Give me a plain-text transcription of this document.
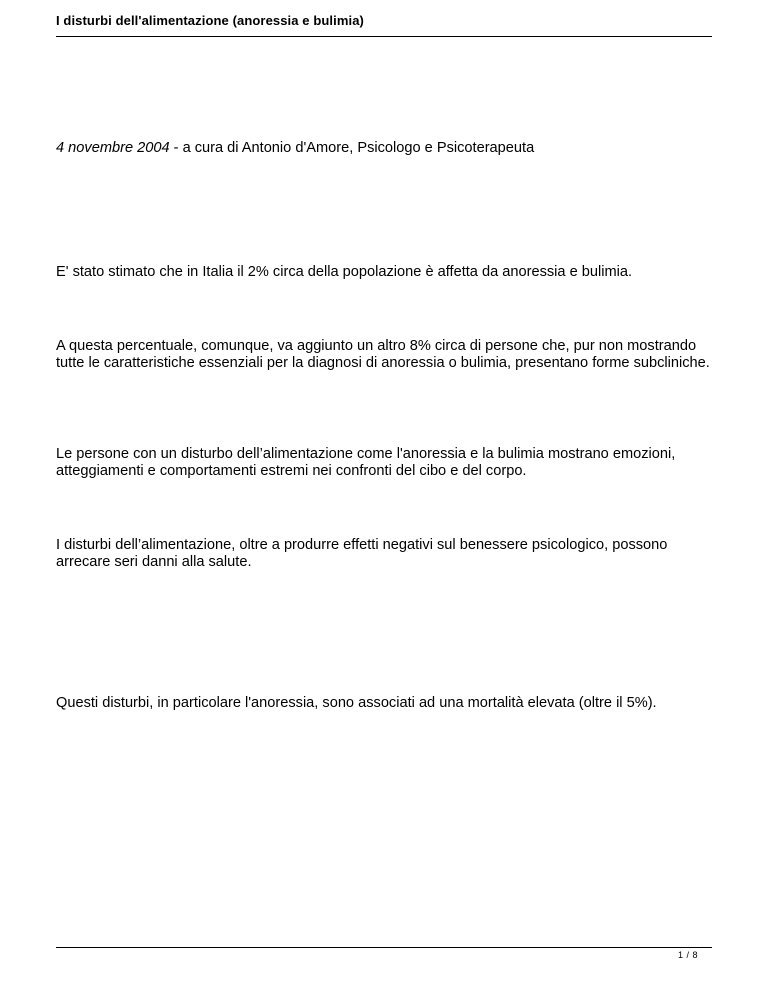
I disturbi dell'alimentazione (anoressia e bulimia)

4 novembre 2004 - a cura di Antonio d'Amore, Psicologo e Psicoterapeuta

E' stato stimato che in Italia il 2% circa della popolazione è affetta da anoressia e bulimia.

A questa percentuale, comunque, va aggiunto un altro 8% circa di persone che, pur non mostrando tutte le caratteristiche essenziali per la diagnosi di anoressia o bulimia, presentano forme subcliniche.

Le persone con un disturbo dell’alimentazione come l'anoressia e la bulimia mostrano emozioni, atteggiamenti e comportamenti estremi nei confronti del cibo e del corpo.

I disturbi dell’alimentazione, oltre a produrre effetti negativi sul benessere psicologico, possono arrecare seri danni alla salute.

Questi disturbi, in particolare l'anoressia, sono associati ad una mortalità elevata (oltre il 5%).

1 / 8
